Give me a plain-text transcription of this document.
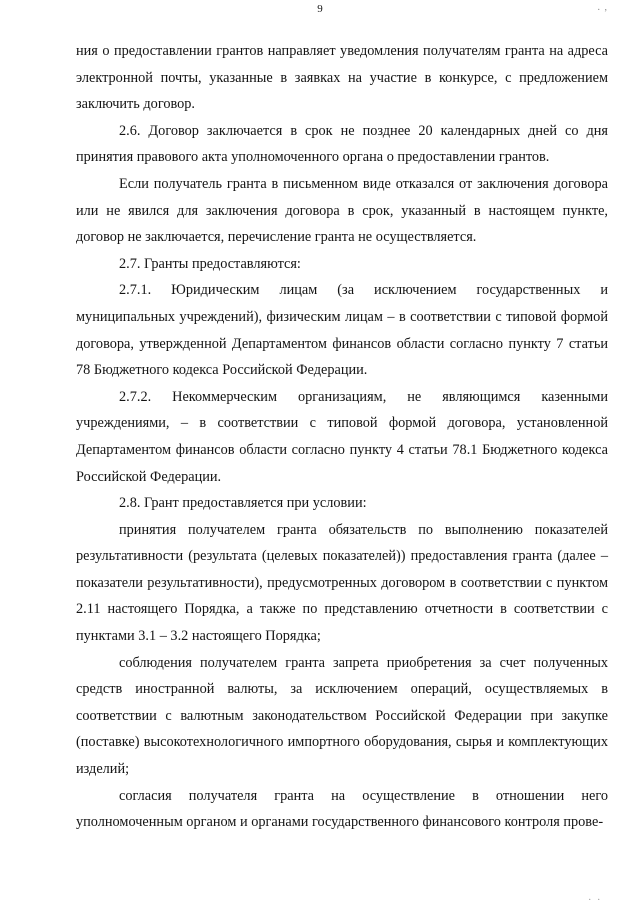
9	. ,

ния о предоставлении грантов направляет уведомления получателям гранта на адреса электронной почты, указанные в заявках на участие в конкурсе, с предложением заключить договор.

2.6. Договор заключается в срок не позднее 20 календарных дней со дня принятия правового акта уполномоченного органа о предоставлении грантов.

Если получатель гранта в письменном виде отказался от заключения договора или не явился для заключения договора в срок, указанный в настоящем пункте, договор не заключается, перечисление гранта не осуществляется.

2.7. Гранты предоставляются:

2.7.1. Юридическим лицам (за исключением государственных и муниципальных учреждений), физическим лицам – в соответствии с типовой формой договора, утвержденной Департаментом финансов области согласно пункту 7 статьи 78 Бюджетного кодекса Российской Федерации.

2.7.2. Некоммерческим организациям, не являющимся казенными учреждениями, – в соответствии с типовой формой договора, установленной Департаментом финансов области согласно пункту 4 статьи 78.1 Бюджетного кодекса Российской Федерации.

2.8. Грант предоставляется при условии:

принятия получателем гранта обязательств по выполнению показателей результативности (результата (целевых показателей)) предоставления гранта (далее – показатели результативности), предусмотренных договором в соответствии с пунктом 2.11 настоящего Порядка, а также по представлению отчетности в соответствии с пунктами 3.1 – 3.2 настоящего Порядка;

соблюдения получателем гранта запрета приобретения за счет полученных средств иностранной валюты, за исключением операций, осуществляемых в соответствии с валютным законодательством Российской Федерации при закупке (поставке) высокотехнологичного импортного оборудования, сырья и комплектующих изделий;

согласия получателя гранта на осуществление в отношении него уполномоченным органом и органами государственного финансового контроля прове-

. .
